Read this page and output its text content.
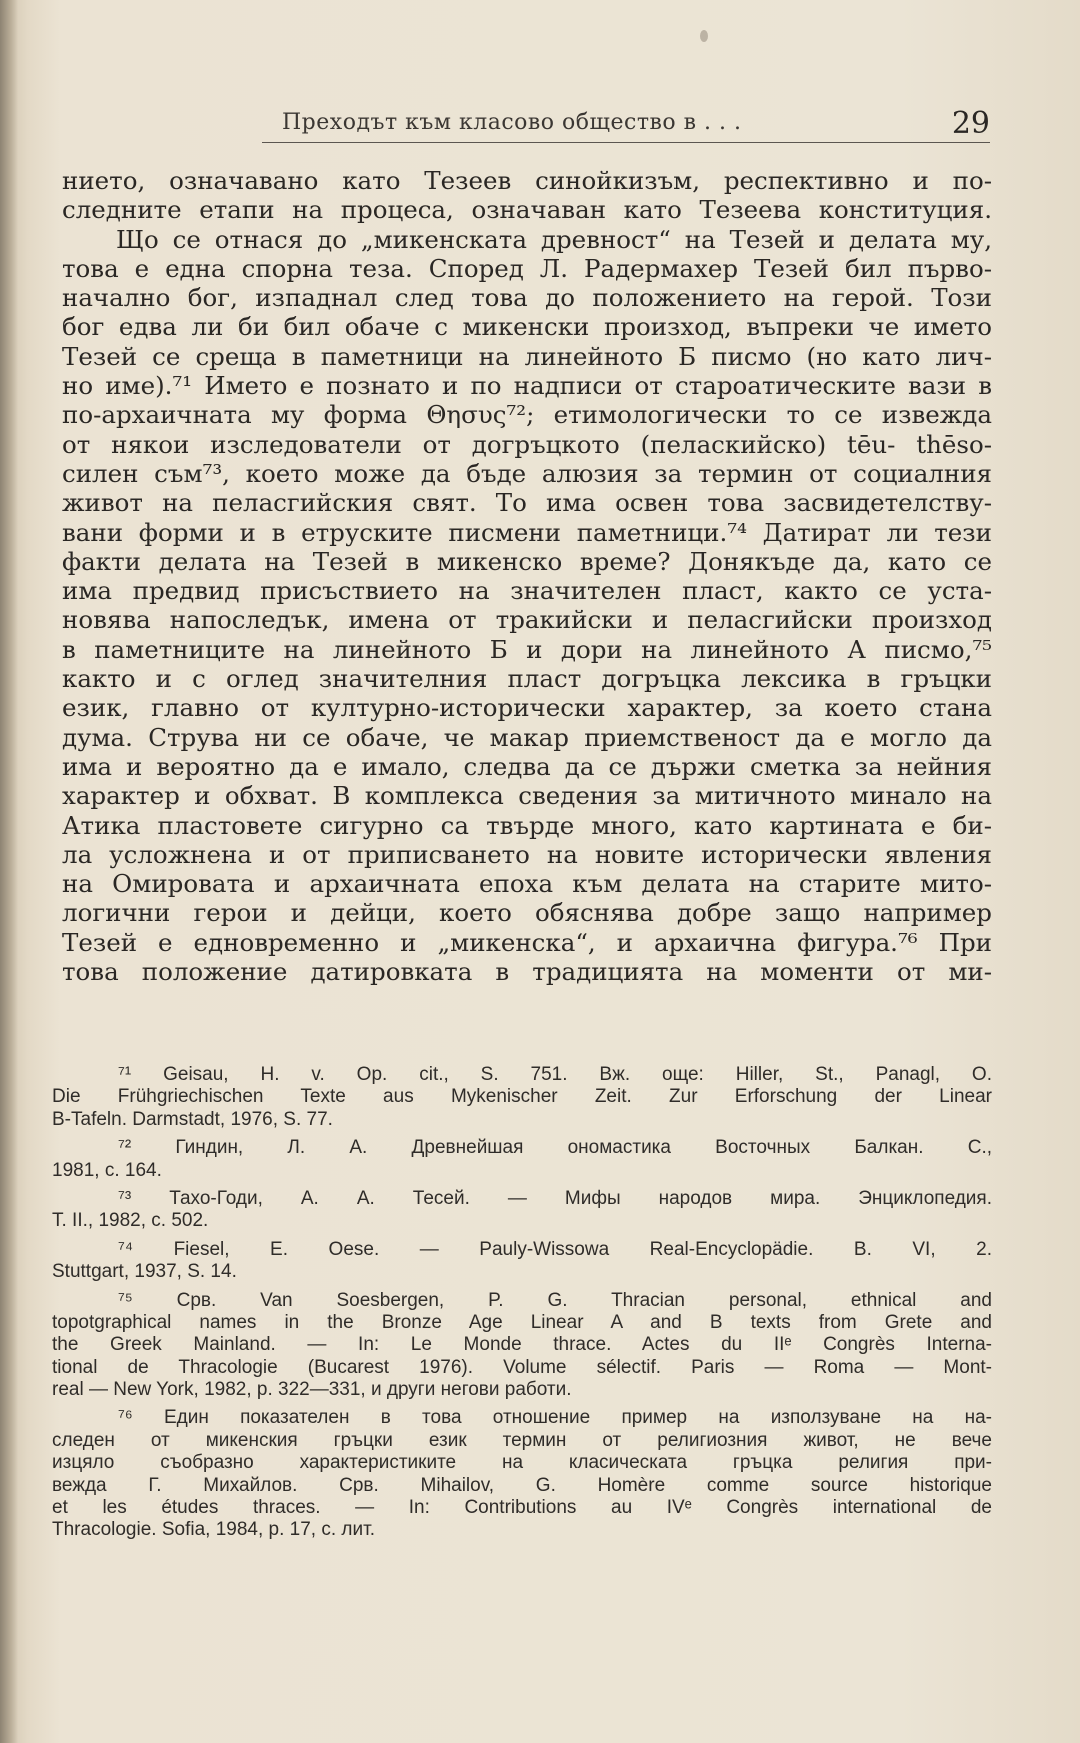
Преходът към класово общество в . . .	29
нието, означавано като Тезеев синойкизъм, респективно и по-
следните етапи на процеса, означаван като Тезеева конституция.
Що се отнася до „микенската древност“ на Тезей и делата му,
това е една спорна теза. Според Л. Радермахер Тезей бил първо-
начално бог, изпаднал след това до положението на герой. Този
бог едва ли би бил обаче с микенски произход, въпреки че името
Тезей се среща в паметници на линейното Б писмо (но като лич-
но име).⁷¹ Името е познато и по надписи от староатическите вази в
по-архаичната му форма Θησυς⁷²; етимологически то се извежда
от някои изследователи от догръцкото (пеласкийско) tēu- thēso-
силен съм⁷³, което може да бъде алюзия за термин от социалния
живот на пеласгийския свят. То има освен това засвидетелству-
вани форми и в етруските писмени паметници.⁷⁴ Датират ли тези
факти делата на Тезей в микенско време? Донякъде да, като се
има предвид присъствието на значителен пласт, както се уста-
новява напоследък, имена от тракийски и пеласгийски произход
в паметниците на линейното Б и дори на линейното А писмо,⁷⁵
както и с оглед значителния пласт догръцка лексика в гръцки
език, главно от културно-исторически характер, за което стана
дума. Струва ни се обаче, че макар приемственост да е могло да
има и вероятно да е имало, следва да се държи сметка за нейния
характер и обхват. В комплекса сведения за митичното минало на
Атика пластовете сигурно са твърде много, като картината е би-
ла усложнена и от приписването на новите исторически явления
на Омировата и архаичната епоха към делата на старите мито-
логични герои и дейци, което обяснява добре защо например
Тезей е едновременно и „микенска“, и архаична фигура.⁷⁶ При
това положение датировката в традицията на моменти от ми-
⁷¹ Geisau, H. v. Op. cit., S. 751. Вж. още: Hiller, St., Panagl, O.
Die Frühgriechischen Texte aus Mykenischer Zeit. Zur Erforschung der Linear
B-Tafeln. Darmstadt, 1976, S. 77.
⁷² Гиндин, Л. А. Древнейшая ономастика Восточных Балкан. С.,
1981, с. 164.
⁷³ Тахо-Годи, А. А. Тесей. — Мифы народов мира. Энциклопедия.
Т. II., 1982, с. 502.
⁷⁴ Fiesel, E. Oese. — Pauly-Wissowa Real-Encyclopädie. B. VI, 2.
Stuttgart, 1937, S. 14.
⁷⁵ Срв. Van Soesbergen, P. G. Thracian personal, ethnical and
topotgraphical names in the Bronze Age Linear A and B texts from Grete and
the Greek Mainland. — In: Le Monde thrace. Actes du IIᵉ Congrès Interna-
tional de Thracologie (Bucarest 1976). Volume sélectif. Paris — Roma — Mont-
real — New York, 1982, p. 322—331, и други негови работи.
⁷⁶ Един показателен в това отношение пример на използуване на на-
следен от микенския гръцки език термин от религиозния живот, не вече
изцяло съобразно характеристиките на класическата гръцка религия при-
вежда Г. Михайлов. Срв. Mihailov, G. Homère comme source historique
et les études thraces. — In: Contributions au IVᵉ Congrès international de
Thracologie. Sofia, 1984, p. 17, с. лит.
